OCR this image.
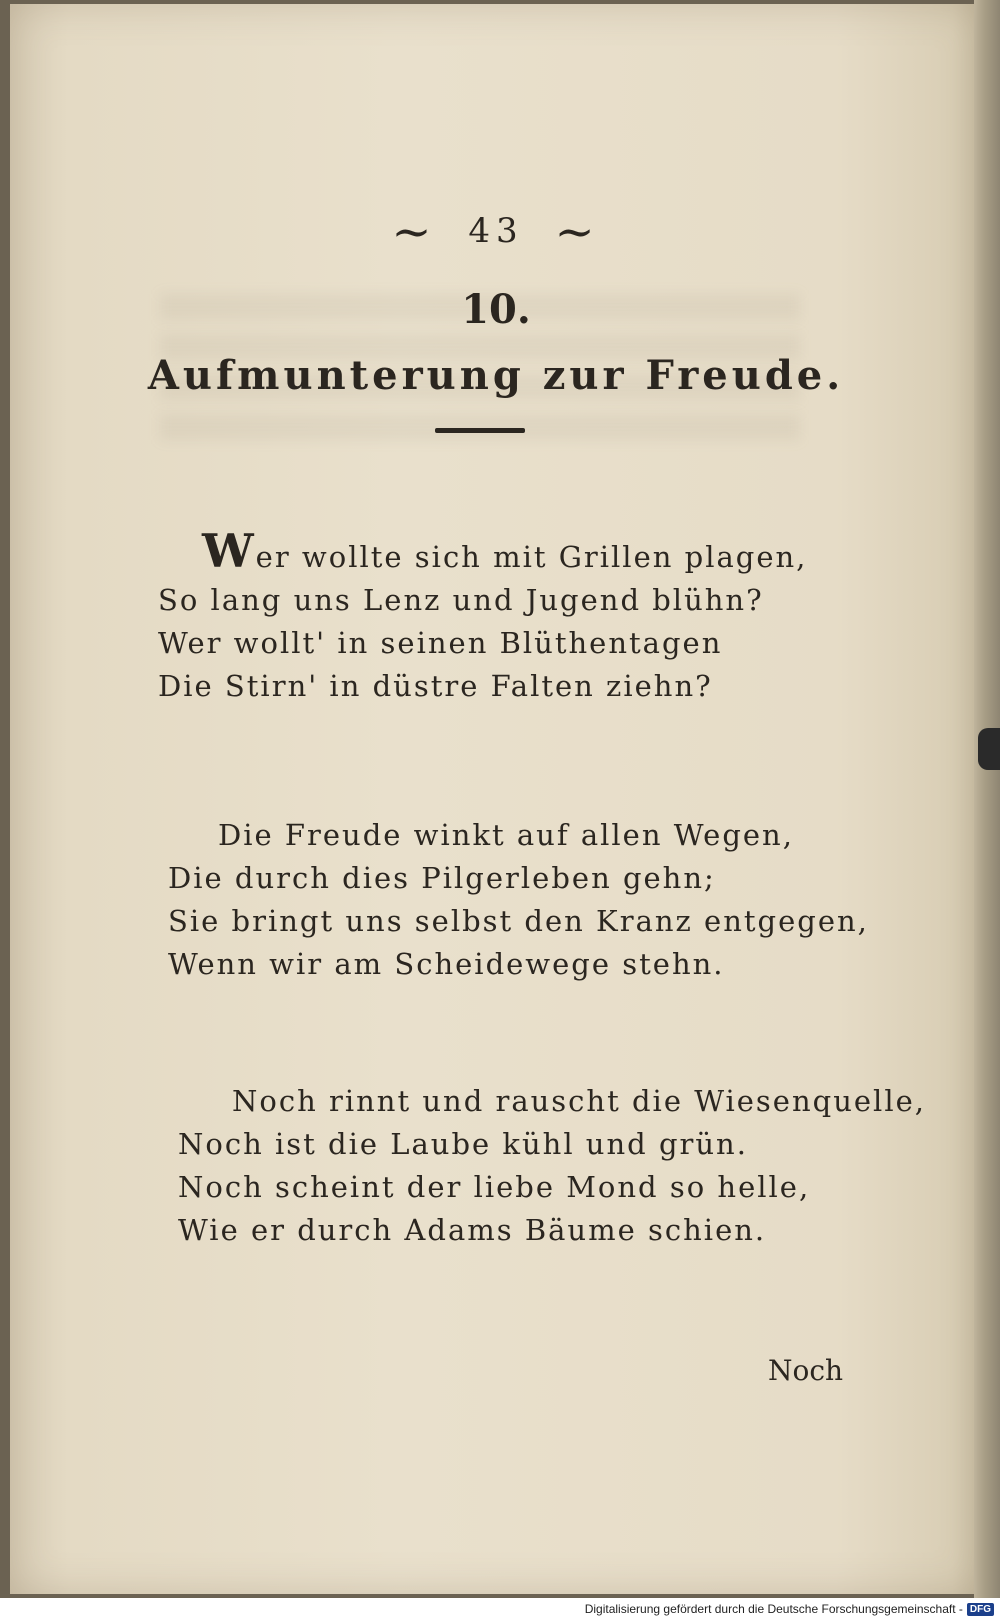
~ 43 ~
10.
Aufmunterung zur Freude.
Wer wollte sich mit Grillen plagen,
So lang uns Lenz und Jugend blühn?
Wer wollt' in seinen Blüthentagen
Die Stirn' in düstre Falten ziehn?
Die Freude winkt auf allen Wegen,
Die durch dies Pilgerleben gehn;
Sie bringt uns selbst den Kranz entgegen,
Wenn wir am Scheidewege stehn.
Noch rinnt und rauscht die Wiesenquelle,
Noch ist die Laube kühl und grün.
Noch scheint der liebe Mond so helle,
Wie er durch Adams Bäume schien.
Noch
Digitalisierung gefördert durch die Deutsche Forschungsgemeinschaft - DFG
